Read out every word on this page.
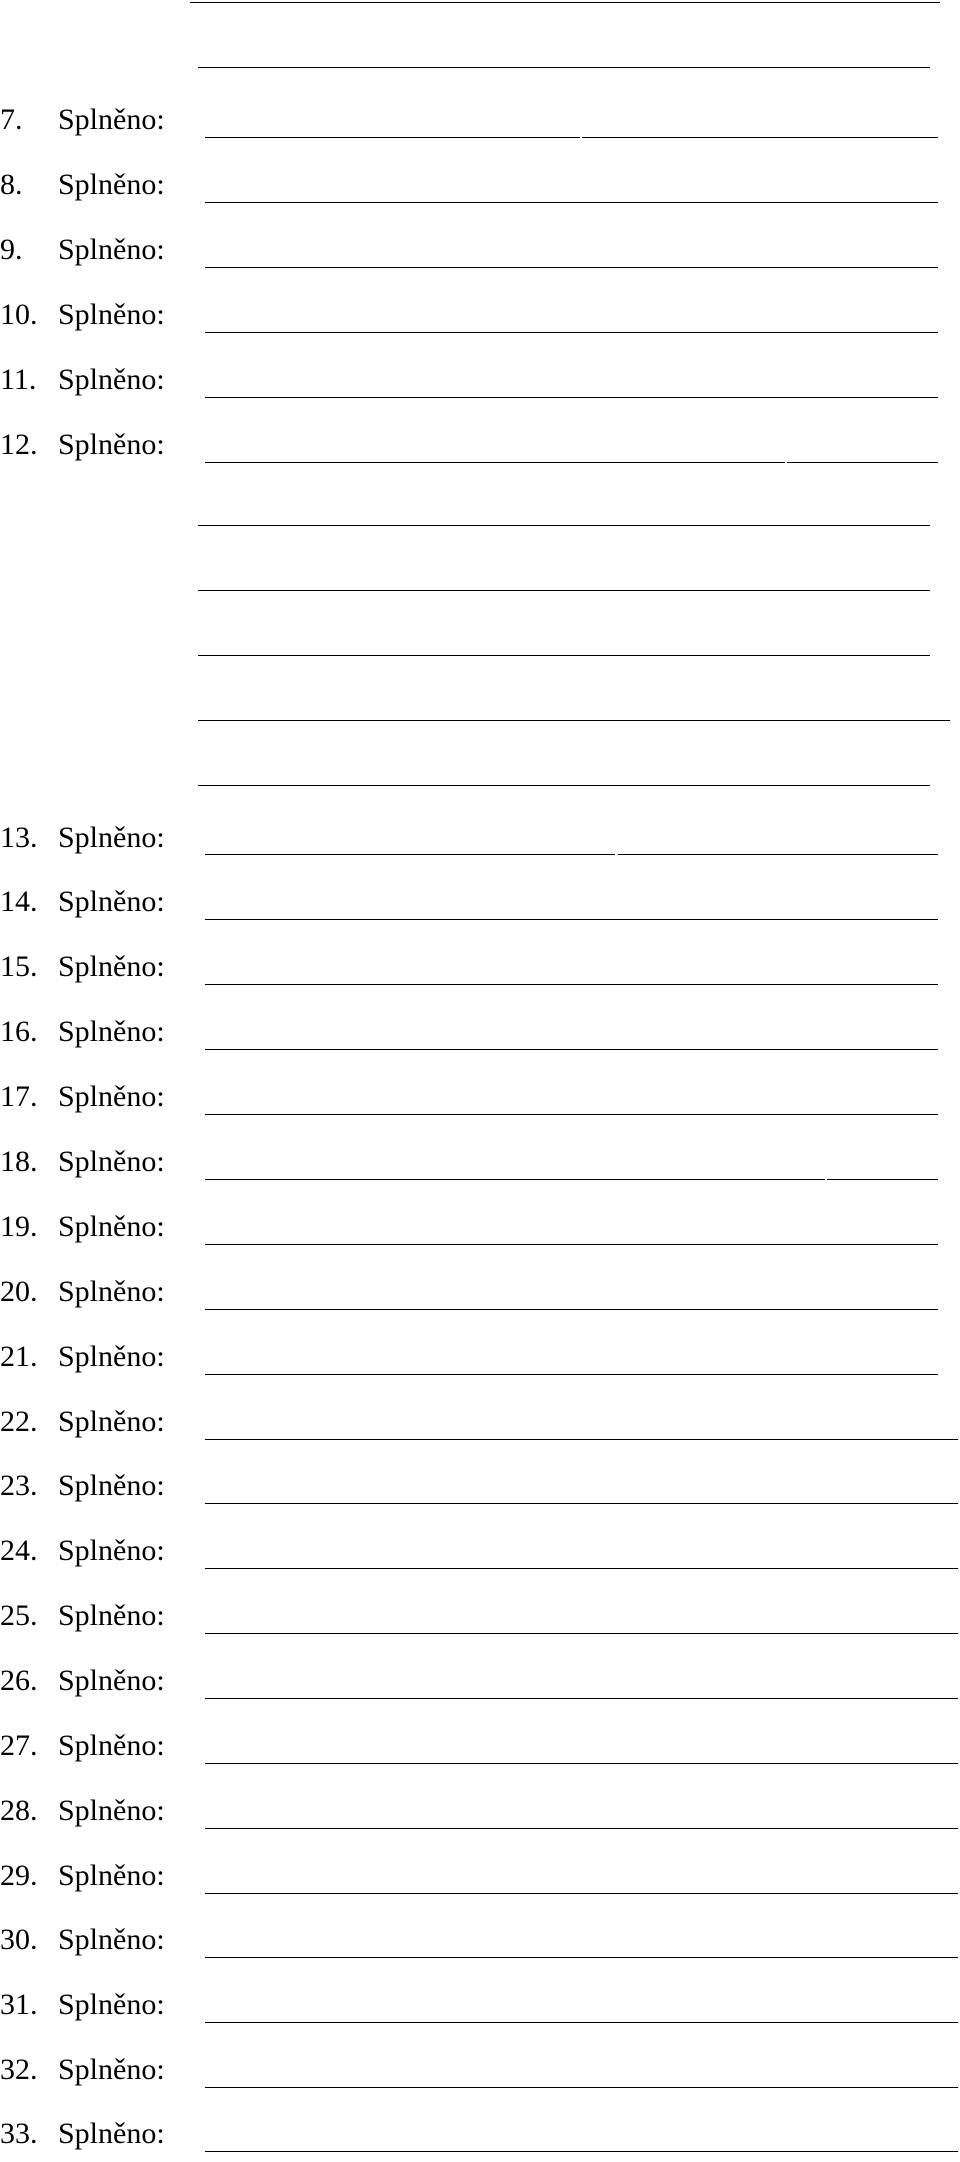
7. Splněno:
8. Splněno:
9. Splněno:
10. Splněno:
11. Splněno:
12. Splněno:
13. Splněno:
14. Splněno:
15. Splněno:
16. Splněno:
17. Splněno:
18. Splněno:
19. Splněno:
20. Splněno:
21. Splněno:
22. Splněno:
23. Splněno:
24. Splněno:
25. Splněno:
26. Splněno:
27. Splněno:
28. Splněno:
29. Splněno:
30. Splněno:
31. Splněno:
32. Splněno:
33. Splněno:
